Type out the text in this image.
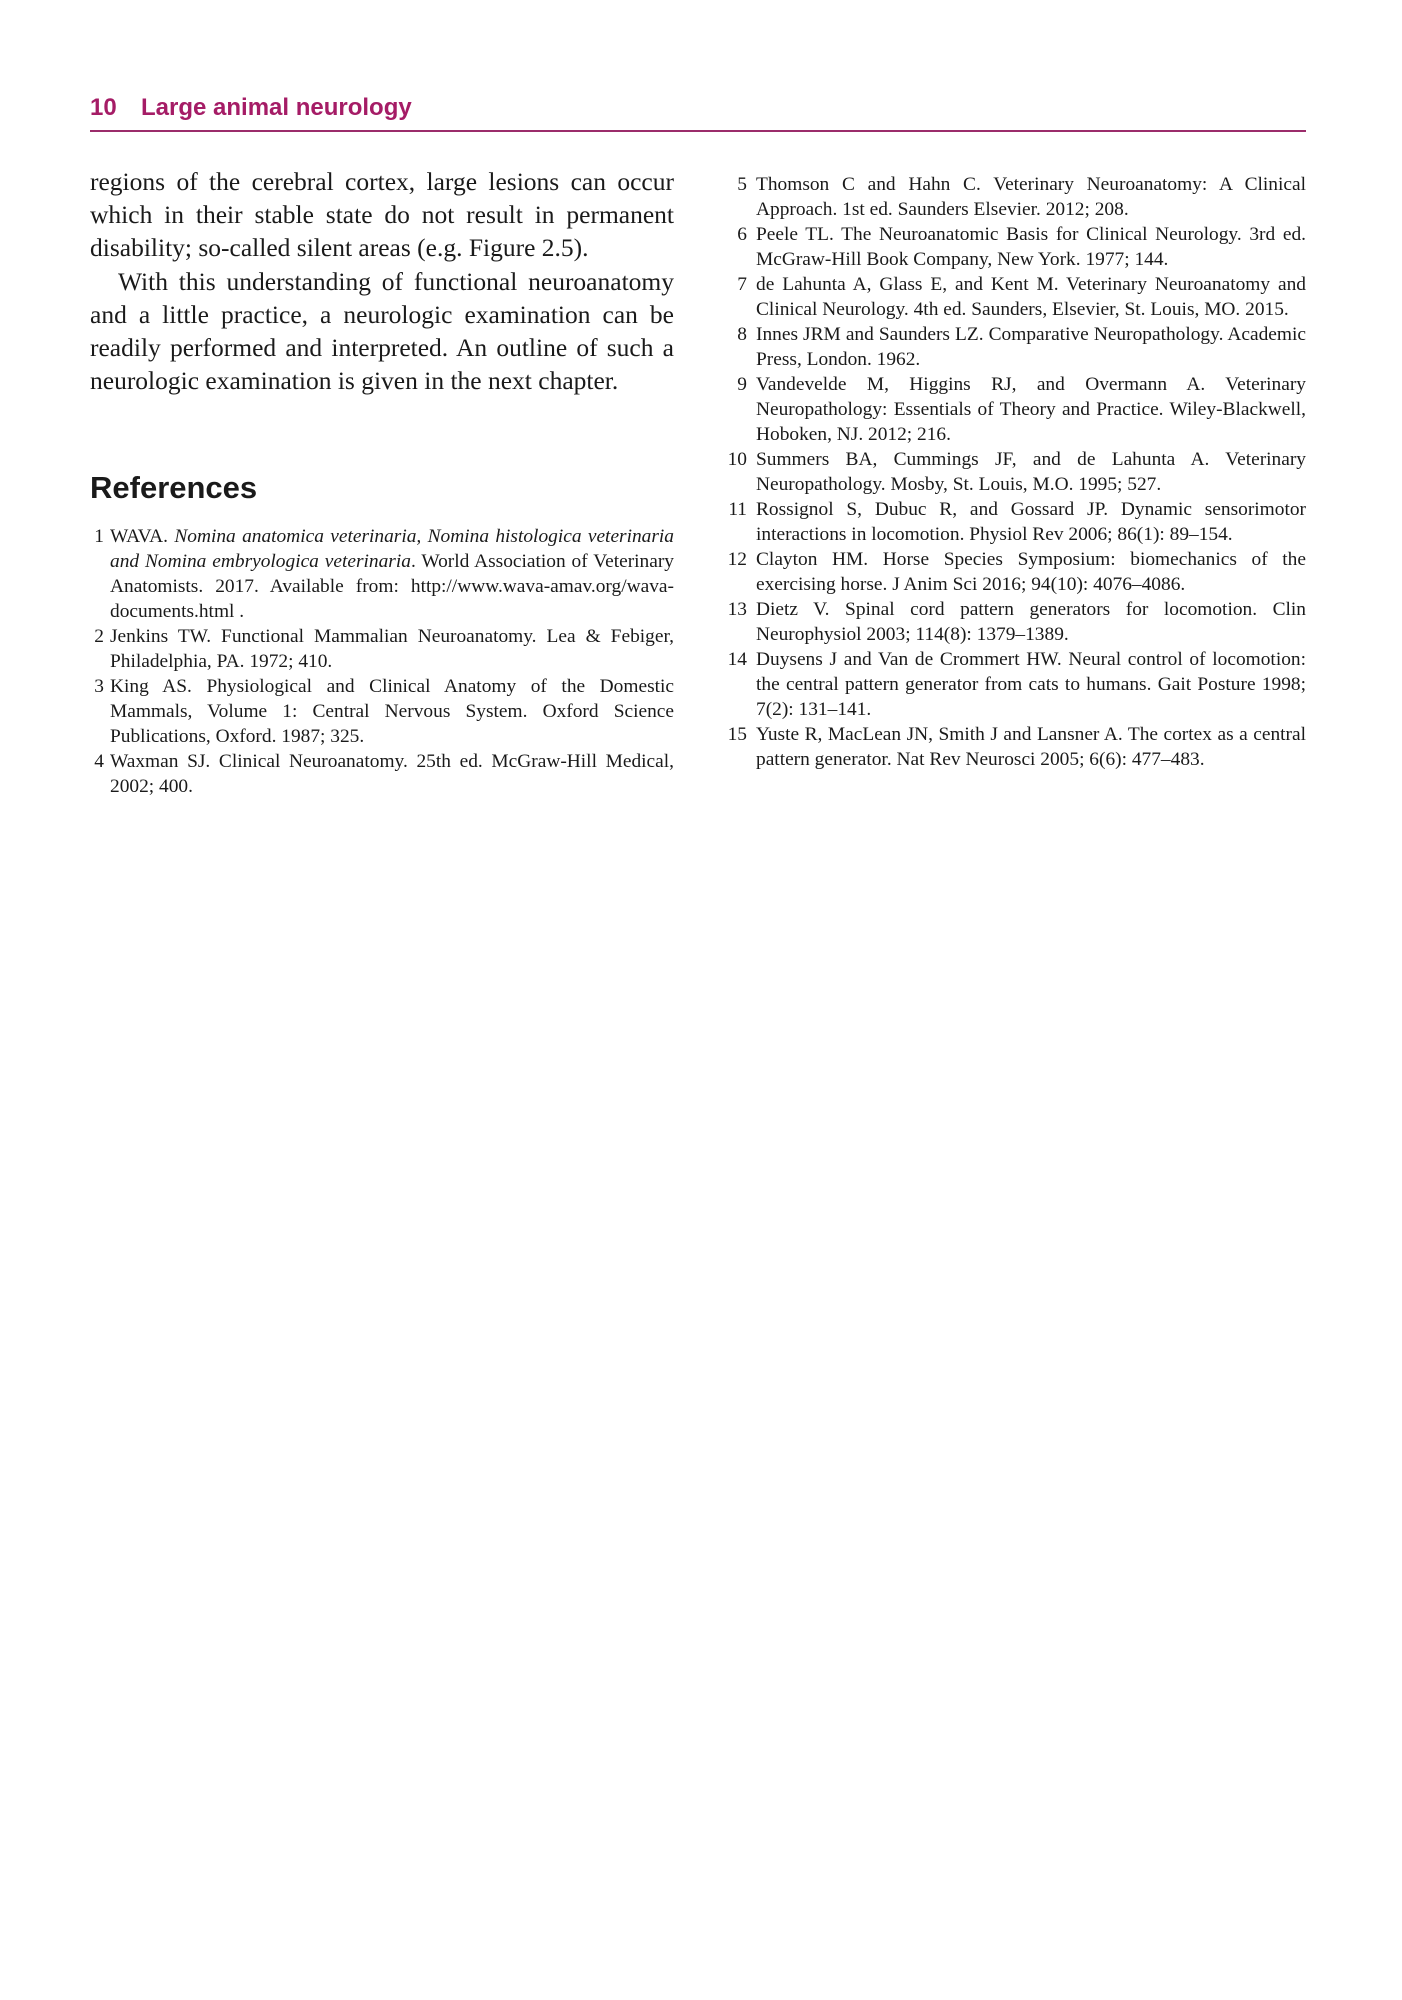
10 Large animal neurology

regions of the cerebral cortex, large lesions can occur which in their stable state do not result in permanent disability; so-called silent areas (e.g. Figure 2.5).

With this understanding of functional neuroanatomy and a little practice, a neurologic examination can be readily performed and interpreted. An outline of such a neurologic examination is given in the next chapter.

References
1 WAVA. Nomina anatomica veterinaria, Nomina histologica veterinaria and Nomina embryologica veterinaria. World Association of Veterinary Anatomists. 2017. Available from: http://www.wava-amav.org/wava-documents.html .
2 Jenkins TW. Functional Mammalian Neuroanatomy. Lea & Febiger, Philadelphia, PA. 1972; 410.
3 King AS. Physiological and Clinical Anatomy of the Domestic Mammals, Volume 1: Central Nervous System. Oxford Science Publications, Oxford. 1987; 325.
4 Waxman SJ. Clinical Neuroanatomy. 25th ed. McGraw-Hill Medical, 2002; 400.
5 Thomson C and Hahn C. Veterinary Neuroanatomy: A Clinical Approach. 1st ed. Saunders Elsevier. 2012; 208.
6 Peele TL. The Neuroanatomic Basis for Clinical Neurology. 3rd ed. McGraw-Hill Book Company, New York. 1977; 144.
7 de Lahunta A, Glass E, and Kent M. Veterinary Neuroanatomy and Clinical Neurology. 4th ed. Saunders, Elsevier, St. Louis, MO. 2015.
8 Innes JRM and Saunders LZ. Comparative Neuropathology. Academic Press, London. 1962.
9 Vandevelde M, Higgins RJ, and Overmann A. Veterinary Neuropathology: Essentials of Theory and Practice. Wiley-Blackwell, Hoboken, NJ. 2012; 216.
10 Summers BA, Cummings JF, and de Lahunta A. Veterinary Neuropathology. Mosby, St. Louis, M.O. 1995; 527.
11 Rossignol S, Dubuc R, and Gossard JP. Dynamic sensorimotor interactions in locomotion. Physiol Rev 2006; 86(1): 89–154.
12 Clayton HM. Horse Species Symposium: biomechanics of the exercising horse. J Anim Sci 2016; 94(10): 4076–4086.
13 Dietz V. Spinal cord pattern generators for locomotion. Clin Neurophysiol 2003; 114(8): 1379–1389.
14 Duysens J and Van de Crommert HW. Neural control of locomotion: the central pattern generator from cats to humans. Gait Posture 1998; 7(2): 131–141.
15 Yuste R, MacLean JN, Smith J and Lansner A. The cortex as a central pattern generator. Nat Rev Neurosci 2005; 6(6): 477–483.
